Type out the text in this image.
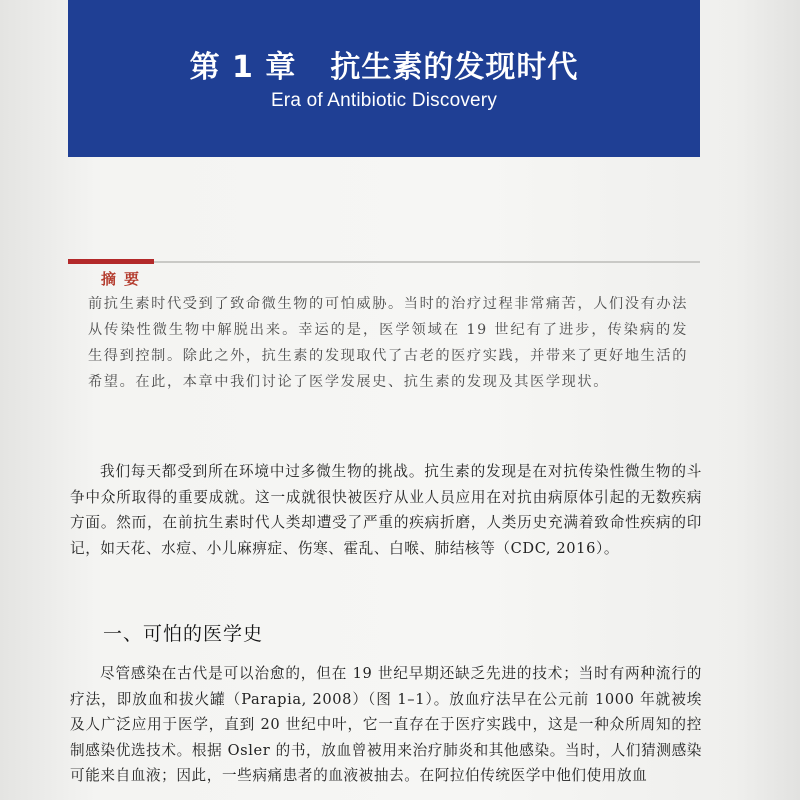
第 1 章 抗生素的发现时代
Era of Antibiotic Discovery
摘要

前抗生素时代受到了致命微生物的可怕威胁。当时的治疗过程非常痛苦，人们没有办法从传染性微生物中解脱出来。幸运的是，医学领域在 19 世纪有了进步，传染病的发生得到控制。除此之外，抗生素的发现取代了古老的医疗实践，并带来了更好地生活的希望。在此，本章中我们讨论了医学发展史、抗生素的发现及其医学现状。

我们每天都受到所在环境中过多微生物的挑战。抗生素的发现是在对抗传染性微生物的斗争中众所取得的重要成就。这一成就很快被医疗从业人员应用在对抗由病原体引起的无数疾病方面。然而，在前抗生素时代人类却遭受了严重的疾病折磨，人类历史充满着致命性疾病的印记，如天花、水痘、小儿麻痹症、伤寒、霍乱、白喉、肺结核等（CDC, 2016）。

一、可怕的医学史

尽管感染在古代是可以治愈的，但在 19 世纪早期还缺乏先进的技术；当时有两种流行的疗法，即放血和拔火罐（Parapia, 2008）（图 1–1）。放血疗法早在公元前 1000 年就被埃及人广泛应用于医学，直到 20 世纪中叶，它一直存在于医疗实践中，这是一种众所周知的控制感染优选技术。根据 Osler 的书，放血曾被用来治疗肺炎和其他感染。当时，人们猜测感染可能来自血液；因此，一些病痛患者的血液被抽去。在阿拉伯传统医学中他们使用放血
